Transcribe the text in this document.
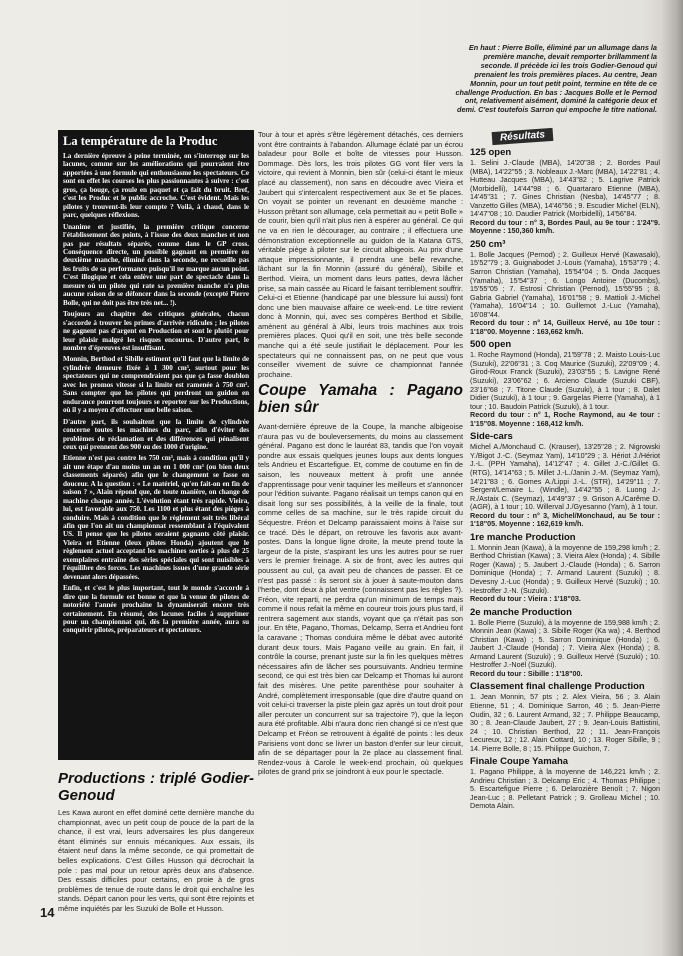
En haut : Pierre Bolle, éliminé par un allumage dans la première manche, devait remporter brillamment la seconde. Il précède ici les trois Godier-Genoud qui prenaient les trois premières places. Au centre, Jean Monnin, pour un tout petit point, termine en tête de ce challenge Production. En bas : Jacques Bolle et le Pernod ont, relativement aisément, dominé la catégorie deux et demi. C'est toutefois Sarron qui empoche le titre national.
La température de la Produc

La dernière épreuve à peine terminée, on s'interroge sur les lacunes, comme sur les améliorations qui pourraient être apportées à une formule qui enthousiasme les spectateurs. Ce sont en effet les courses les plus passionnantes à suivre : c'est gros, ça bouge, ça roule en paquet et ça fait du bruit. Bref, c'est les Produc et le public accroche. C'est évident. Mais les pilotes y trouvent-ils leur compte ? Voilà, à chaud, dans le parc, quelques réflexions.

Unanime et justifiée, la première critique concerne l'établissement des points, à l'issue des deux manches et non pas par résultats séparés, comme dans le GP cross. Conséquence directe, un possible gagnant en première ou deuxième manche, éliminé dans la seconde, ne recueille pas les fruits de sa performance puisqu'il ne marque aucun point. C'est illogique et cela enlève une part de spectacle dans la mesure où un pilote qui rate sa première manche n'a plus aucune raison de se défoncer dans la seconde (excepté Pierre Bolle, qui ne doit pas être très net... !).

Toujours au chapitre des critiques générales, chacun s'accorde à trouver les primes d'arrivée ridicules ; les pilotes ne gagnent pas d'argent en Production et sont le plutôt pour leur plaisir malgré les risques encourus. D'autre part, le nombre d'épreuves est insuffisant.

Monnin, Berthod et Sibille estiment qu'il faut que la limite de cylindrée demeure fixée à 1 300 cm³, surtout pour les spectateurs qui ne comprendraient pas que ça fasse doublon avec les promos vitesse si la limite est ramenée à 750 cm³. Sans compter que les pilotes qui perdront un guidon en endurance pourront toujours se reporter sur les Productions, où il y a moyen d'effectuer une belle saison.

D'autre part, ils souhaitent que la limite de cylindrée concerne toutes les machines du parc, afin d'éviter des problèmes de réclamation et des différences qui pénalisent ceux qui prennent des 900 ou des 1000 d'origine.

Etienne n'est pas contre les 750 cm³, mais à condition qu'il y ait une étape d'au moins un an en 1 000 cm³ (ou bien deux classements séparés) afin que le changement se fasse en douceur. A la question : « Le matériel, qu'en fait-on en fin de saison ? », Alain répond que, de toute manière, on change de machine chaque année. L'évolution étant très rapide. Vieira, lui, est favorable aux 750. Les 1100 et plus étant des pièges à conduire. Mais à condition que le règlement soit très libéral afin que l'on ait un championnat ressemblant à l'équivalent US. Il pense que les pilotes seraient gagnants côté plaisir. Vieira et Etienne (deux pilotes Honda) ajoutent que le règlement actuel acceptant les machines sorties à plus de 25 exemplaires entraîne des séries spéciales qui sont nuisibles à l'équilibre des forces. Les machines issues d'une grande série devenant alors dépassées.

Enfin, et c'est le plus important, tout le monde s'accorde à dire que la formule est bonne et que la venue de pilotes de notoriété l'année prochaine la dynamiserait encore très certainement. En résumé, des lacunes faciles à supprimer pour un championnat qui, dès la première année, aura su conquérir pilotes, préparateurs et spectateurs.

Productions : triplé Godier-Genoud

Les Kawa auront en effet dominé cette dernière manche du championnat, avec un petit coup de pouce de la part de la chance, il est vrai, leurs adversaires les plus dangereux étant éliminés sur ennuis mécaniques. Aux essais, ils étaient neuf dans la même seconde, ce qui promettait de belles explications. C'est Gilles Husson qui décrochait la pole : pas mal pour un retour après deux ans d'absence. Des essais difficiles pour certains, en proie à de gros problèmes de tenue de route dans le droit qui enchaîne les stands. Départ canon pour les verts, qui sont être rejoints et même inquiétés par les Suzuki de Bolle et Husson.

Tour à tour et après s'être légèrement détachés, ces derniers vont être contraints à l'abandon. Allumage éclaté par un écrou baladeur pour Bolle et boîte de vitesses pour Husson. Dommage. Dès lors, les trois pilotes GG vont filer vers la victoire, qui revient à Monnin, bien sûr (celui-ci étant le mieux placé au classement), non sans en découdre avec Vieira et Jaubert qui s'intercalent respectivement aux 3e et 5e places. On voyait se pointer un revenant en deuxième manche : Husson prêtant son allumage, cela permettait au « petit Bolle » de courir, bien qu'il n'ait plus rien à espérer au général. Ce qui ne va en rien le décourager, au contraire ; il effectuera une démonstration exceptionnelle au guidon de la Katana GTS, véritable piège à piloter sur le circuit albigeois. Au prix d'une attaque impressionnante, il prendra une belle revanche, lâchant sur la fin Monnin (assuré du général), Sibille et Berthod. Vieira, un moment dans leurs pattes, devra lâcher prise, sa main cassée au Ricard le faisant terriblement souffrir. Celui-ci et Etienne (handicapé par une blessure lui aussi) font donc une bien mauvaise affaire ce week-end. Le titre revient donc à Monnin, qui, avec ses compères Berthod et Sibille, amènent au général à Albi, leurs trois machines aux trois premières places. Quoi qu'il en soit, une très belle seconde manche qui a été seule justifiait le déplacement. Pour les spectateurs qui ne connaissent pas, on ne peut que vous conseiller vivement de suivre ce championnat l'année prochaine.

Coupe Yamaha : Pagano bien sûr

Avant-dernière épreuve de la Coupe, la manche albigeoise n'aura pas vu de bouleversements, du moins au classement général. Pagano est donc le lauréat 83, tandis que l'on voyait pondre aux essais quelques jeunes loups aux dents longues tels Andrieu et Escartefigue. Et, comme de coutume en fin de saison, les nouveaux mettent à profit une année d'apprentissage pour venir taquiner les meilleurs et s'annoncer pour l'édition suivante. Pagano réalisait un temps canon qui en disait long sur ses possibilités, à la veille de la finale, tout comme celles de sa machine, sur le très rapide circuit du Séquestre. Fréon et Delcamp paraissaient moins à l'aise sur ce tracé. Dès le départ, on retrouve les favoris aux avant-postes. Dans la longue ligne droite, la meute prend toute la largeur de la piste, s'aspirant les uns les autres pour se ruer vers le premier freinage. A six de front, avec les autres qui poussent au cul, ça avait peu de chances de passer. Et ce n'est pas passé : ils seront six à jouer à saute-mouton dans l'herbe, dont deux à plat ventre (connaissent pas les règles ?). Fréon, vite reparti, ne perdra qu'un minimum de temps mais comme il nous refait la même en coureur trois jours plus tard, il rentrera sagement aux stands, voyant que ça n'était pas son jour. En tête, Pagano, Thomas, Delcamp, Serra et Andrieu font la caravane ; Thomas conduira même le débat avec autorité durant deux tours. Mais Pagano veille au grain. En fait, il contrôle la course, prenant juste sur la fin les quelques mètres nécessaires afin de lâcher ses poursuivants. Andrieu termine second, ce qui est très bien car Delcamp et Thomas lui auront fait des misères. Une petite parenthèse pour souhaiter à André, complètement irresponsable (que dire d'autre quand on voit celui-ci traverser la piste plein gaz après un tout droit pour aller percuter un concurrent sur sa trajectoire ?), que la leçon aura été profitable. Albi n'aura donc rien changé si ce n'est que Delcamp et Fréon se retrouvent à égalité de points : les deux Parisiens vont donc se livrer un baston d'enfer sur leur circuit, afin de se départager pour la 2e place au classement final. Rendez-vous à Carole le week-end prochain, où quelques pilotes de grand prix se joindront à eux pour le spectacle.

Résultats
125 open

1. Selini J.-Claude (MBA), 14'20"38 ; 2. Bordes Paul (MBA), 14'22"55 ; 3. Nobleaux J.-Marc (MBA), 14'22"81 ; 4. Hutteau Jacques (MBA), 14'43"82 ; 5. Lagrive Patrick (Morbidelli), 14'44"98 ; 6. Quartararo Etienne (MBA), 14'45"31 ; 7. Gines Christian (Nesba), 14'45"77 ; 8. Vanzetto Gilles (MBA), 14'46"56 ; 9. Escudier Michel (ELN), 14'47"08 ; 10. Daudier Patrick (Morbidelli), 14'56"84.

Record du tour : n° 3, Bordes Paul, au 9e tour : 1'24"9. Moyenne : 150,360 km/h.

250 cm³

1. Bolle Jacques (Pernod) ; 2. Guilleux Hervé (Kawasaki), 15'52"79 ; 3. Guignabodet J.-Louis (Yamaha), 15'53"79 ; 4. Sarron Christian (Yamaha), 15'54"04 ; 5. Onda Jacques (Yamaha), 15'54"37 ; 6. Longo Antoine (Ducombs), 15'55"05 ; 7. Estrosi Christian (Pernod), 15'55"95 ; 8. Gabria Gabriel (Yamaha), 16'01"58 ; 9. Mattioli J.-Michel (Yamaha), 16'04"14 ; 10. Guillemot J.-Luc (Yamaha), 16'08"44.

Record du tour : n° 14, Guilleux Hervé, au 10e tour : 1'18"00. Moyenne : 163,662 km/h.

500 open

1. Roche Raymond (Honda), 21'59"78 ; 2. Maisto Louis-Luc (Suzuki), 22'06"31 ; 3. Coq Maurice (Suzuki), 22'09"09 ; 4. Girod-Roux Franck (Suzuki), 23'03"55 ; 5. Lavigne René (Suzuki), 23'06"62 ; 6. Arcieno Claude (Suzuki CBF), 23'16"68 ; 7. Titone Claude (Suzuki), à 1 tour ; 8. Dalet Didier (Suzuki), à 1 tour ; 9. Gargelas Pierre (Yamaha), à 1 tour ; 10. Baudoin Patrick (Suzuki), à 1 tour.

Record du tour : n° 1, Roche Raymond, au 4e tour : 1'15"08. Moyenne : 168,412 km/h.

Side-cars

Michel A./Monchaud C. (Krauser), 13'25"28 ; 2. Nigrowski Y./Bigot J.-C. (Seymaz Yam), 14'10"29 ; 3. Hériot J./Hériot J.-L. (PPH Yamaha), 14'12"47 ; 4. Gillet J.-C./Gillet G. (RTG), 14'14"63 ; 5. Millet J.-L./Janin J.-M. (Seymaz Yam), 14'21"83 ; 6. Gomes A./Lippi J.-L. (STR), 14'29"11 ; 7. Sergent/Lemaire L. (Windle), 14'42"55 ; 8. Luong J.-R./Astaix C. (Seymaz), 14'49"37 ; 9. Grison A./Carême D. (AGR), à 1 tour ; 10. Willerval J./Gyesanno (Yam), à 1 tour.

Record du tour : n° 3, Michel/Monchaud, au 5e tour : 1'18"05. Moyenne : 162,619 km/h.

1re manche Production

1. Monnin Jean (Kawa), à la moyenne de 159,298 km/h ; 2. Berthod Christian (Kawa) ; 3. Vieira Alex (Honda) ; 4. Sibille Roger (Kawa) ; 5. Jaubert J.-Claude (Honda) ; 6. Sarron Dominique (Honda) ; 7. Armand Laurent (Suzuki) ; 8. Devesny J.-Luc (Honda) ; 9. Guilleux Hervé (Suzuki) ; 10. Hestroffer J.-N. (Suzuki).

Record du tour : Vieira : 1'18"03.

2e manche Production

1. Bolle Pierre (Suzuki), à la moyenne de 159,988 km/h ; 2. Monnin Jean (Kawa) ; 3. Sibille Roger (Ka wa) ; 4. Berthod Christian (Kawa) ; 5. Sarron Dominique (Honda) ; 6. Jaubert J.-Claude (Honda) ; 7. Vieira Alex (Honda) ; 8. Armand Laurent (Suzuki) ; 9. Guilleux Hervé (Suzuki) ; 10. Hestroffer J.-Noël (Suzuki).

Record du tour : Sibille : 1'18"00.

Classement final challenge Production

1. Jean Monnin, 57 pts ; 2. Alex Vieira, 56 ; 3. Alain Etienne, 51 ; 4. Dominique Sarron, 46 ; 5. Jean-Pierre Oudin, 32 ; 6. Laurent Armand, 32 ; 7. Philippe Beaucamp, 30 ; 8. Jean-Claude Jaubert, 27 ; 9. Jean-Louis Battistini, 24 ; 10. Christian Berthod, 22 ; 11. Jean-François Lecureux, 12 ; 12. Alain Cottard, 10 ; 13. Roger Sibille, 9 ; 14. Pierre Bolle, 8 ; 15. Philippe Guichon, 7.

Finale Coupe Yamaha

1. Pagano Philippe, à la moyenne de 146,221 km/h ; 2. Andrieu Christian ; 3. Delcamp Eric ; 4. Thomas Philippe ; 5. Escartefigue Pierre ; 6. Delarozière Benoît ; 7. Nigon Jean-Luc ; 8. Pelletant Patrick ; 9. Grolleau Michel ; 10. Demota Alain.

14
